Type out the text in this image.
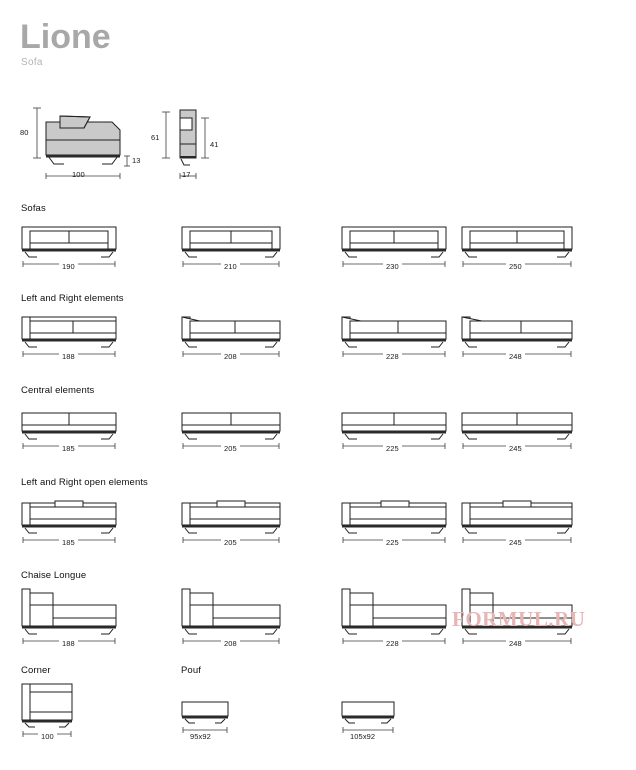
Lione
Sofa
80
13
100
61
41
17
Sofas
190	210	230	250
Left and Right elements
188	208	228	248
Central elements
185	205	225	245
Left and Right open elements
185	205	225	245
Chaise Longue
188	208	228	248
Corner	Pouf
100	95x92	105x92
FORMUL.RU
